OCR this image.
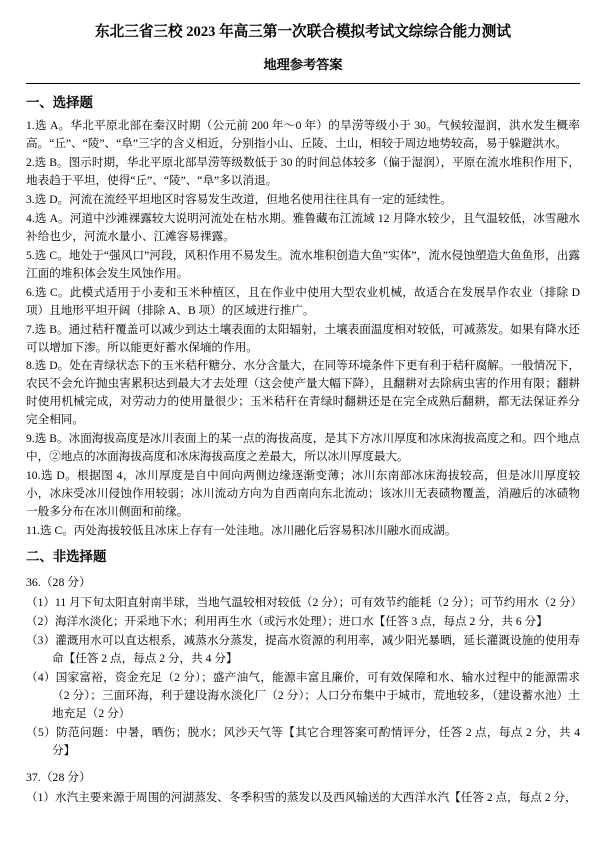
东北三省三校 2023 年高三第一次联合模拟考试文综综合能力测试
地理参考答案
一、选择题

1.选 A。华北平原北部在秦汉时期（公元前 200 年～0 年）的旱涝等级小于 30。气候较湿润，洪水发生概率高。“丘”、“陵”、“阜”三字的含义相近，分别指小山、丘陵、土山，相较于周边地势较高，易于躲避洪水。

2.选 B。图示时期，华北平原北部旱涝等级数低于 30 的时间总体较多（偏于湿润），平原在流水堆积作用下，地表趋于平坦，使得“丘”、“陵”、“阜”多以消退。

3.选 D。河流在流经平坦地区时容易发生改道，但地名使用往往具有一定的延续性。

4.选 A。河道中沙滩裸露较大说明河流处在枯水期。雅鲁藏布江流域 12 月降水较少，且气温较低，冰雪融水补给也少，河流水量小、江滩容易裸露。

5.选 C。地处于“强风口”河段，风积作用不易发生。流水堆积创造大鱼”实体”，流水侵蚀塑造大鱼鱼形，出露江面的堆积体会发生风蚀作用。

6.选 C。此模式适用于小麦和玉米种植区，且在作业中使用大型农业机械，故适合在发展旱作农业（排除 D 项）且地形平坦开阔（排除 A、B 项）的区域进行推广。

7.选 B。通过秸秆覆盖可以减少到达土壤表面的太阳辐射，土壤表面温度相对较低，可减蒸发。如果有降水还可以增加下渗。所以能更好蓄水保墒的作用。

8.选 D。处在青绿状态下的玉米秸秆糖分、水分含量大，在同等环境条件下更有利于秸秆腐解。一般情况下，农民不会允许抛虫害累积达到最大才去处理（这会使产量大幅下降），且翻耕对去除病虫害的作用有限；翻耕时使用机械完成，对劳动力的使用量很少；玉米秸秆在青绿时翻耕还是在完全成熟后翻耕，都无法保证养分完全相同。

9.选 B。冰面海拔高度是冰川表面上的某一点的海拔高度，是其下方冰川厚度和冰床海拔高度之和。四个地点中，②地点的冰面海拔高度和冰床海拔高度之差最大，所以冰川厚度最大。

10.选 D。根据图 4，冰川厚度是自中间向两侧边缘逐渐变薄；冰川东南部冰床海拔较高，但是冰川厚度较小，冰床受冰川侵蚀作用较弱；冰川流动方向为自西南向东北流动；该冰川无表碛物覆盖，消融后的冰碛物一般多分布在冰川侧面和前缘。

11.选 C。丙处海拔较低且冰床上存有一处洼地。冰川融化后容易积冰川融水而成湖。

二、非选择题
36.（28 分）

（1）11 月下旬太阳直射南半球，当地气温较相对较低（2 分）；可有效节约能耗（2 分）；可节约用水（2 分）

（2）海洋水淡化；开采地下水；利用再生水（或污水处理）；进口水【任答 3 点，每点 2 分，共 6 分】

（3）灌溉用水可以直达根系，减蒸水分蒸发，提高水资源的利用率，减少阳光暴晒，延长灌溉设施的使用寿命【任答 2 点，每点 2 分，共 4 分】

（4）国家富裕，资金充足（2 分）；盛产油气，能源丰富且廉价，可有效保障和水、输水过程中的能源需求（2 分）；三面环海，利于建设海水淡化厂（2 分）；人口分布集中于城市，荒地较多，（建设蓄水池）土地充足（2 分）

（5）防范问题：中暑，晒伤；脱水；风沙天气等【其它合理答案可酌情评分，任答 2 点，每点 2 分，共 4 分】

37.（28 分）

（1）水汽主要来源于周围的河湖蒸发、冬季积雪的蒸发以及西风输送的大西洋水汽【任答 2 点，每点 2 分，
